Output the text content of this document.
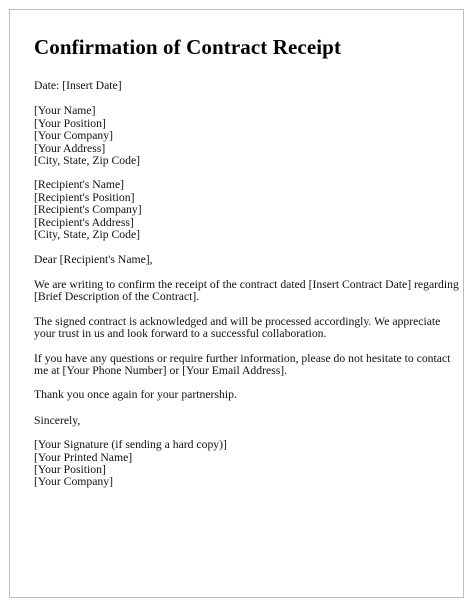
Confirmation of Contract Receipt
Date: [Insert Date]
[Your Name]
[Your Position]
[Your Company]
[Your Address]
[City, State, Zip Code]
[Recipient's Name]
[Recipient's Position]
[Recipient's Company]
[Recipient's Address]
[City, State, Zip Code]
Dear [Recipient's Name],
We are writing to confirm the receipt of the contract dated [Insert Contract Date] regarding
[Brief Description of the Contract].
The signed contract is acknowledged and will be processed accordingly. We appreciate
your trust in us and look forward to a successful collaboration.
If you have any questions or require further information, please do not hesitate to contact
me at [Your Phone Number] or [Your Email Address].
Thank you once again for your partnership.
Sincerely,
[Your Signature (if sending a hard copy)]
[Your Printed Name]
[Your Position]
[Your Company]
